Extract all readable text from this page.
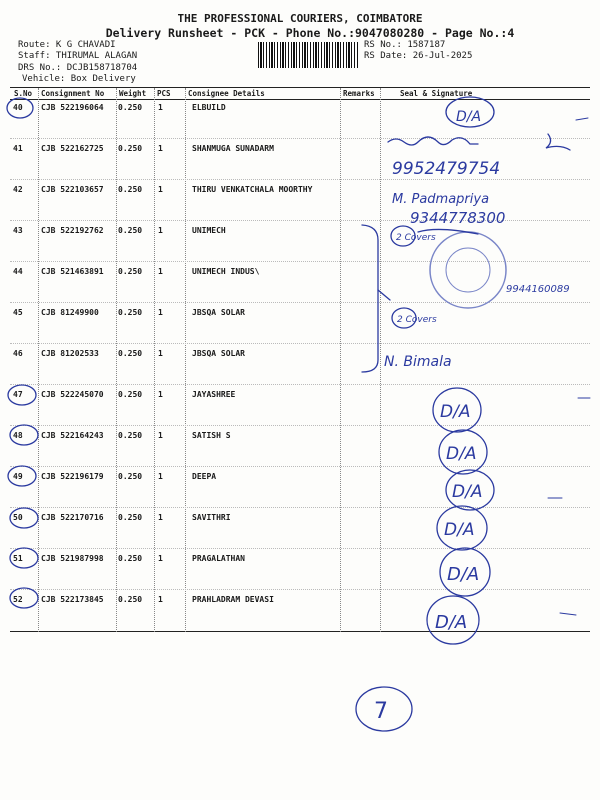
THE PROFESSIONAL COURIERS, COIMBATORE
Delivery Runsheet - PCK - Phone No.:9047080280 - Page No.:4
Route: K G CHAVADI
Staff: THIRUMAL ALAGAN
DRS No.: DCJB158718704
Vehicle: Box Delivery
RS No.: 1587187
RS Date: 26-Jul-2025
S.No Consignment No Weight PCS Consignee Details	Remarks	Seal & Signature
40 CJB 522196064 0.250 1	ELBUILD
41 CJB 522162725 0.250 1	SHANMUGA SUNADARM
42 CJB 522103657 0.250 1	THIRU VENKATCHALA MOORTHY
43 CJB 522192762 0.250 1	UNIMECH
44 CJB 521463891 0.250 1	UNIMECH INDUS\
45 CJB 81249900 0.250 1	JBSQA SOLAR
46 CJB 81202533 0.250 1	JBSQA SOLAR
47 CJB 522245070 0.250 1	JAYASHREE
48 CJB 522164243 0.250 1	SATISH S
49 CJB 522196179 0.250 1	DEEPA
50 CJB 522170716 0.250 1	SAVITHRI
51 CJB 521987998 0.250 1	PRAGALATHAN
52 CJB 522173845 0.250 1	PRAHLADRAM DEVASI
9952479754
M. Padmapriya
9344778300
2 Covers
9944160089
2 Covers
N. Bimala
D/A
D/A
D/A
D/A
D/A
D/A
D/A
7
